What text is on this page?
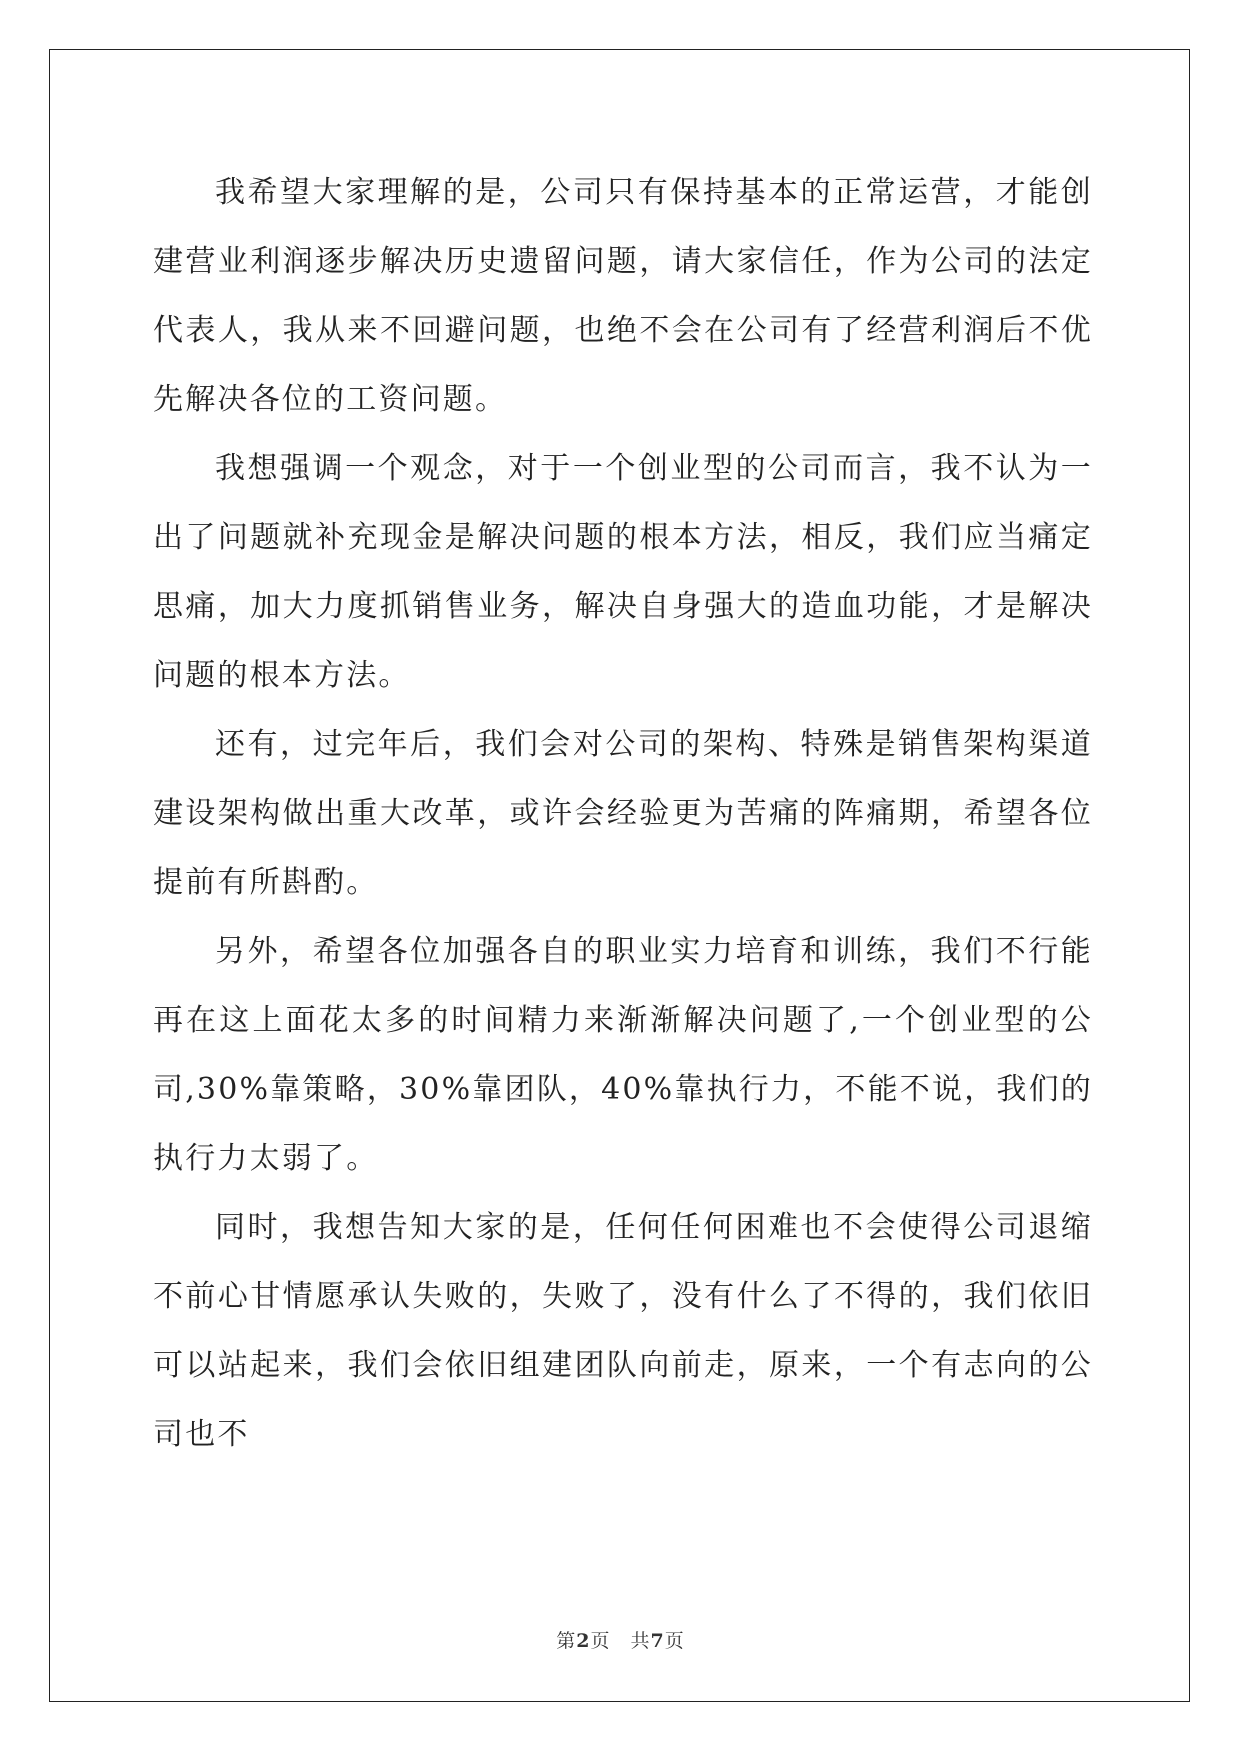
我希望大家理解的是，公司只有保持基本的正常运营，才能创建营业利润逐步解决历史遗留问题，请大家信任，作为公司的法定代表人，我从来不回避问题，也绝不会在公司有了经营利润后不优先解决各位的工资问题。

我想强调一个观念，对于一个创业型的公司而言，我不认为一出了问题就补充现金是解决问题的根本方法，相反，我们应当痛定思痛，加大力度抓销售业务，解决自身强大的造血功能，才是解决问题的根本方法。

还有，过完年后，我们会对公司的架构、特殊是销售架构渠道建设架构做出重大改革，或许会经验更为苦痛的阵痛期，希望各位提前有所斟酌。

另外，希望各位加强各自的职业实力培育和训练，我们不行能再在这上面花太多的时间精力来渐渐解决问题了,一个创业型的公司,30%靠策略，30%靠团队，40%靠执行力，不能不说，我们的执行力太弱了。

同时，我想告知大家的是，任何任何困难也不会使得公司退缩不前心甘情愿承认失败的，失败了，没有什么了不得的，我们依旧可以站起来，我们会依旧组建团队向前走，原来，一个有志向的公司也不

第2页 共7页
